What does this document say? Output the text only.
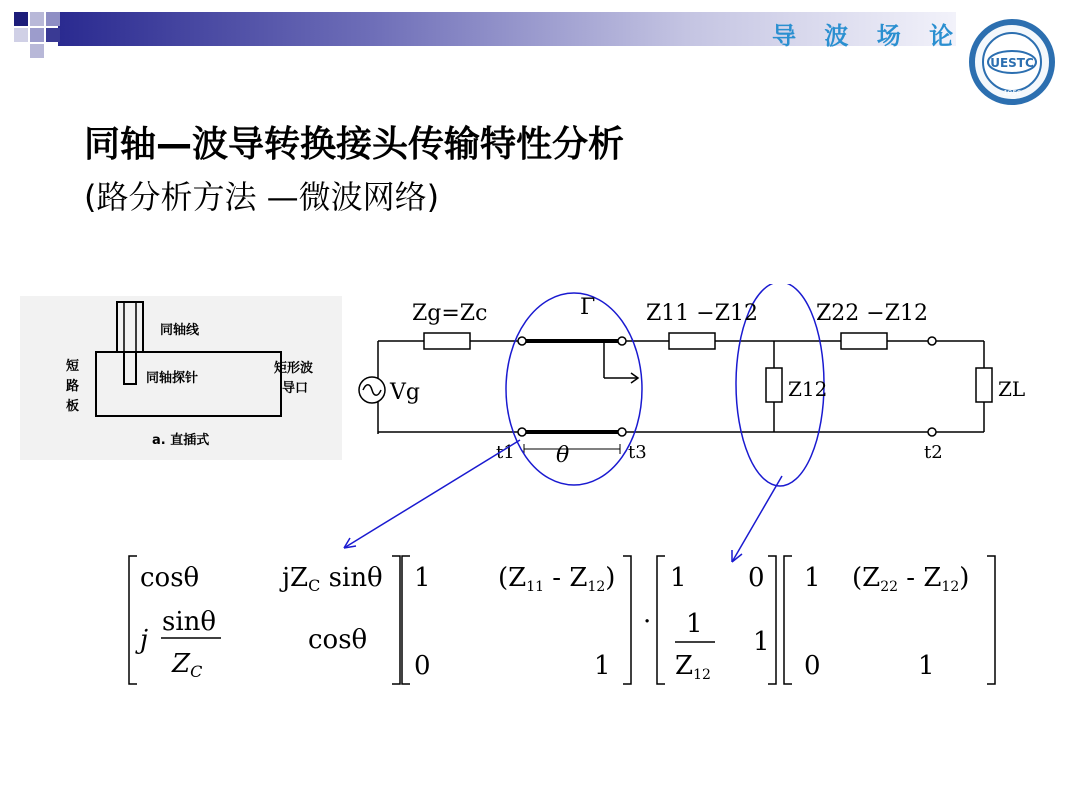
导 波 场 论
UESTC
1956
同轴—波导转换接头传输特性分析
(路分析方法 —微波网络)
同轴线
同轴探针
短
路
板
矩形波
导口
a. 直插式
Zg=Zc	Γ Z11 −Z12	Z22 −Z12
Vg	Z12	ZL
t1 θ	t3	t2
cosθ	jZC sinθ
j
sinθ
ZC
cosθ
1	(Z11 - Z12)
0	1
·
1 0
1
Z12
1
1 (Z22 - Z12)
0	1
